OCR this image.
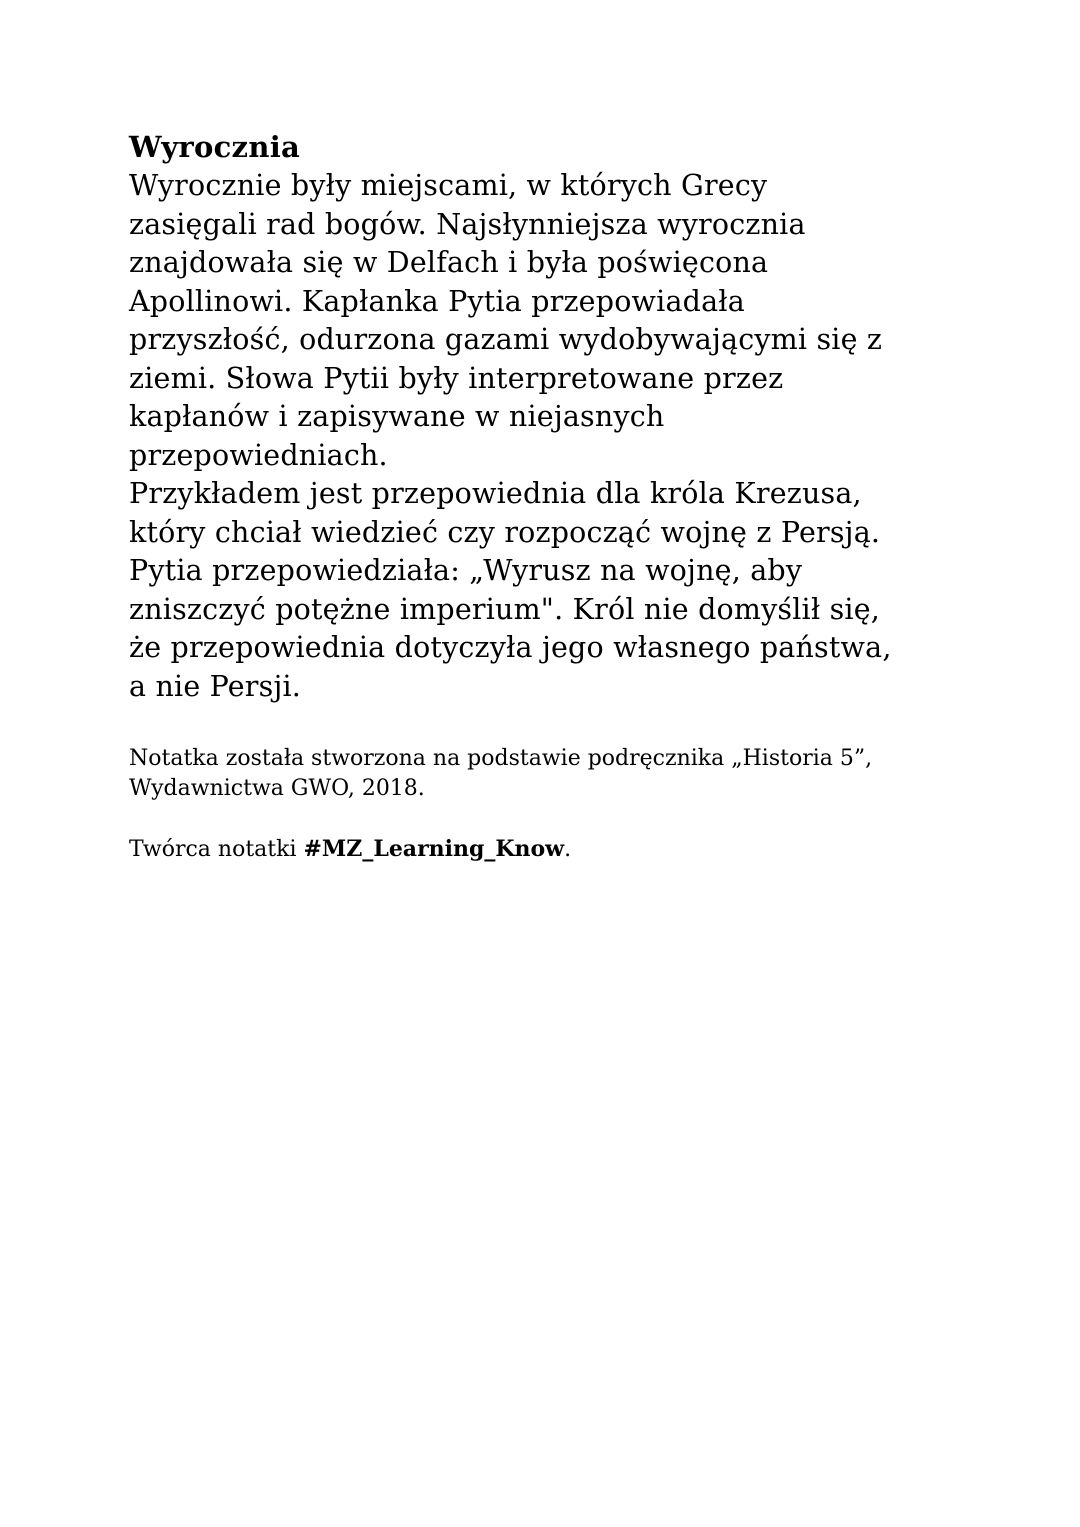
Wyrocznia
Wyrocznie były miejscami, w których Grecy
zasięgali rad bogów. Najsłynniejsza wyrocznia
znajdowała się w Delfach i była poświęcona
Apollinowi. Kapłanka Pytia przepowiadała
przyszłość, odurzona gazami wydobywającymi się z
ziemi. Słowa Pytii były interpretowane przez
kapłanów i zapisywane w niejasnych
przepowiedniach.
Przykładem jest przepowiednia dla króla Krezusa,
który chciał wiedzieć czy rozpocząć wojnę z Persją.
Pytia przepowiedziała: „Wyrusz na wojnę, aby
zniszczyć potężne imperium". Król nie domyślił się,
że przepowiednia dotyczyła jego własnego państwa,
a nie Persji.
Notatka została stworzona na podstawie podręcznika „Historia 5”,
Wydawnictwa GWO, 2018.
Twórca notatki #MZ_Learning_Know.
